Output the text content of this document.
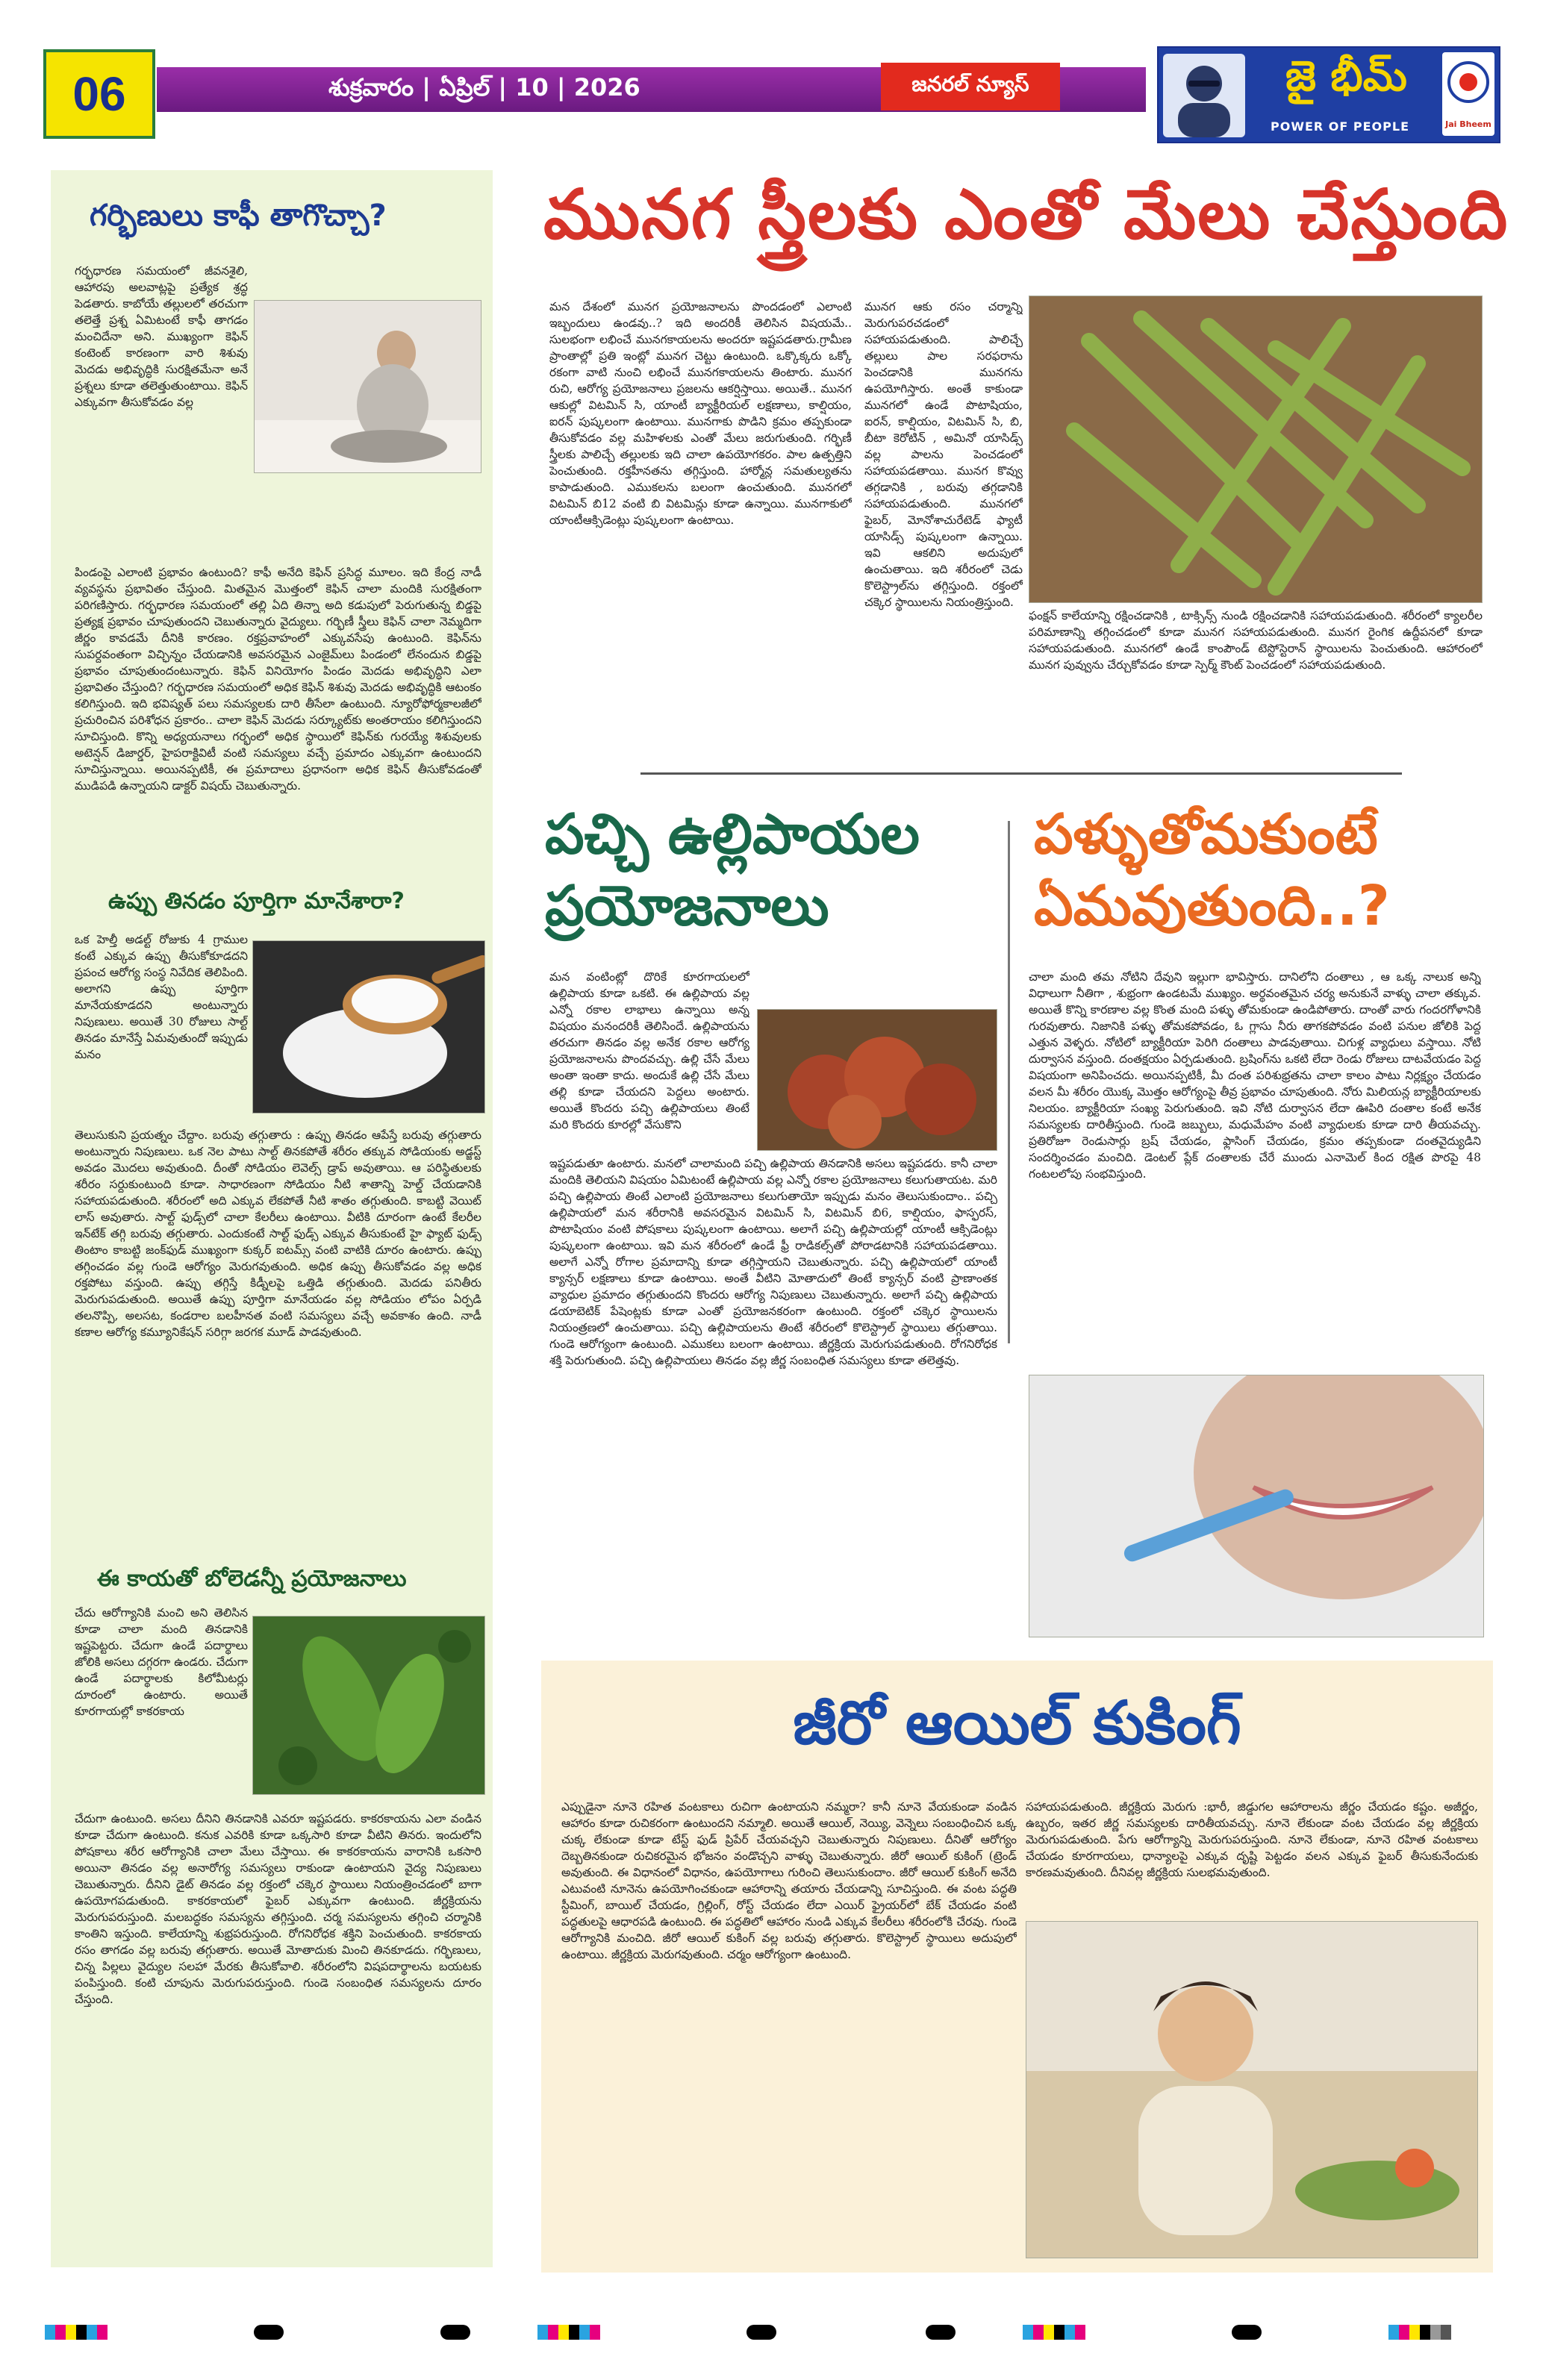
06	శుక్రవారం | ఏప్రిల్ | 10 | 2026	జనరల్ న్యూస్	జై భీమ్
POWER OF PEOPLE	Jai Bheem
గర్భిణులు కాఫీ తాగొచ్చా?
గర్భధారణ సమయంలో జీవనశైలి, ఆహారపు అలవాట్లపై ప్రత్యేక శ్రద్ధ పెడతారు. కాబోయే తల్లులలో తరచుగా తలెత్తే ప్రశ్న ఏమిటంటే కాఫీ తాగడం మంచిదేనా అని. ముఖ్యంగా కెఫిన్ కంటెంట్ కారణంగా వారి శిశువు మెదడు అభివృద్ధికి సురక్షితమేనా అనే ప్రశ్నలు కూడా తలెత్తుతుంటాయి. కెఫిన్ ఎక్కువగా తీసుకోవడం వల్ల
పిండంపై ఎలాంటి ప్రభావం ఉంటుంది? కాఫీ అనేది కెఫిన్ ప్రసిద్ధ మూలం. ఇది కేంద్ర నాడీ వ్యవస్థను ప్రభావితం చేస్తుంది. మితమైన మొత్తంలో కెఫిన్ చాలా మందికి సురక్షితంగా పరిగణిస్తారు. గర్భధారణ సమయంలో తల్లి ఏది తిన్నా అది కడుపులో పెరుగుతున్న బిడ్డపై ప్రత్యక్ష ప్రభావం చూపుతుందని చెబుతున్నారు వైద్యులు. గర్భిణీ స్త్రీలు కెఫిన్ చాలా నెమ్మదిగా జీర్ణం కావడమే దీనికి కారణం. రక్తప్రవాహంలో ఎక్కువసేపు ఉంటుంది. కెఫిన్‌ను సుపర్దవంతంగా విచ్ఛిన్నం చేయడానికి అవసరమైన ఎంజైమ్‌లు పిండంలో లేనందున బిడ్డపై ప్రభావం చూపుతుందంటున్నారు. కెఫిన్ వినియోగం పిండం మెదడు అభివృద్ధిని ఎలా ప్రభావితం చేస్తుంది? గర్భధారణ సమయంలో అధిక కెఫిన్ శిశువు మెదడు అభివృద్ధికి ఆటంకం కలిగిస్తుంది. ఇది భవిష్యత్ పలు సమస్యలకు దారి తీసేలా ఉంటుంది. న్యూరోఫోర్మకాలజీలో ప్రచురించిన పరిశోధన ప్రకారం.. చాలా కెఫిన్ మెదడు సర్క్యూట్‌కు అంతరాయం కలిగిస్తుందని సూచిస్తుంది. కొన్ని అధ్యయనాలు గర్భంలో అధిక స్థాయిలో కెఫిన్‌కు గురయ్యే శిశువులకు అటెన్షన్ డిజార్డర్, హైపరాక్టివిటీ వంటి సమస్యలు వచ్చే ప్రమాదం ఎక్కువగా ఉంటుందని సూచిస్తున్నాయి. అయినప్పటికీ, ఈ ప్రమాదాలు ప్రధానంగా అధిక కెఫిన్ తీసుకోవడంతో ముడిపడి ఉన్నాయని డాక్టర్ విషయ్ చెబుతున్నారు.
ఉప్పు తినడం పూర్తిగా మానేశారా?
ఒక హెల్తీ అడల్ట్ రోజుకు 4 గ్రాముల కంటే ఎక్కువ ఉప్పు తీసుకోకూడదని ప్రపంచ ఆరోగ్య సంస్థ నివేదిక తెలిపింది. అలాగని ఉప్పు పూర్తిగా మానేయకూడదని అంటున్నారు నిపుణులు. అయితే 30 రోజులు సాల్ట్ తినడం మానేస్తే ఏమవుతుందో ఇప్పుడు మనం
తెలుసుకుని ప్రయత్నం చేద్దాం. బరువు తగ్గుతారు : ఉప్పు తినడం ఆపేస్తే బరువు తగ్గుతారు అంటున్నారు నిపుణులు. ఒక నెల పాటు సాల్ట్ తినకపోతే శరీరం తక్కువ సోడియంకు అడ్జస్ట్ అవడం మొదలు అవుతుంది. దీంతో సోడియం లెవెల్స్ డ్రాప్ అవుతాయి. ఆ పరిస్థితులకు శరీరం సర్దుకుంటుంది కూడా. సాధారణంగా సోడియం నీటి శాతాన్ని హెల్డ్ చేయడానికి సహాయపడుతుంది. శరీరంలో అది ఎక్కువ లేకపోతే నీటి శాతం తగ్గుతుంది. కాబట్టి వెయిట్ లాస్ అవుతారు. సాల్ట్ ఫుడ్స్‌లో చాలా కేలరీలు ఉంటాయి. వీటికి దూరంగా ఉంటే కేలరీల ఇన్‌టేక్ తగ్గి బరువు తగ్గుతారు. ఎందుకంటే సాల్ట్ ఫుడ్స్ ఎక్కువ తీసుకుంటే హై ఫ్యాట్ ఫుడ్స్ తింటాం కాబట్టి జంక్‌ఫుడ్ ముఖ్యంగా కుక్కర్ ఐటమ్స్ వంటి వాటికి దూరం ఉంటారు. ఉప్పు తగ్గించడం వల్ల గుండె ఆరోగ్యం మెరుగవుతుంది. అధిక ఉప్పు తీసుకోవడం వల్ల అధిక రక్తపోటు వస్తుంది. ఉప్పు తగ్గిస్తే కిడ్నీలపై ఒత్తిడి తగ్గుతుంది. మెదడు పనితీరు మెరుగుపడుతుంది. అయితే ఉప్పు పూర్తిగా మానేయడం వల్ల సోడియం లోపం ఏర్పడి తలనొప్పి, అలసట, కండరాల బలహీనత వంటి సమస్యలు వచ్చే అవకాశం ఉంది. నాడీ కణాల ఆరోగ్య కమ్యూనికేషన్ సరిగ్గా జరగక మూడ్ పాడవుతుంది.
ఈ కాయతో బోలెడన్నీ ప్రయోజనాలు
చేదు ఆరోగ్యానికి మంచి అని తెలిసిన కూడా చాలా మంది తినడానికి ఇష్టపెట్టరు. చేదుగా ఉండే పదార్థాలు జోలికి అసలు దగ్గరగా ఉండరు. చేదుగా ఉండే పదార్థాలకు కిలోమీటర్లు దూరంలో ఉంటారు. అయితే కూరగాయల్లో కాకరకాయ
చేదుగా ఉంటుంది. అసలు దీనిని తినడానికి ఎవరూ ఇష్టపడరు. కాకరకాయను ఎలా వండిన కూడా చేదుగా ఉంటుంది. కనుక ఎవరికి కూడా ఒక్కసారి కూడా వీటిని తినరు. ఇందులోని పోషకాలు శరీర ఆరోగ్యానికి చాలా మేలు చేస్తాయి. ఈ కాకరకాయను వారానికి ఒకసారి అయినా తినడం వల్ల అనారోగ్య సమస్యలు రాకుండా ఉంటాయని వైద్య నిపుణులు చెబుతున్నారు. దీనిని డైట్ తినడం వల్ల రక్తంలో చక్కెర స్థాయిలు నియంత్రించడంలో బాగా ఉపయోగపడుతుంది. కాకరకాయలో ఫైబర్ ఎక్కువగా ఉంటుంది. జీర్ణక్రియను మెరుగుపరుస్తుంది. మలబద్ధకం సమస్యను తగ్గిస్తుంది. చర్మ సమస్యలను తగ్గించి చర్మానికి కాంతిని ఇస్తుంది. కాలేయాన్ని శుభ్రపరుస్తుంది. రోగనిరోధక శక్తిని పెంచుతుంది. కాకరకాయ రసం తాగడం వల్ల బరువు తగ్గుతారు. అయితే మోతాదుకు మించి తినకూడదు. గర్భిణులు, చిన్న పిల్లలు వైద్యుల సలహా మేరకు తీసుకోవాలి. శరీరంలోని విషపదార్థాలను బయటకు పంపిస్తుంది. కంటి చూపును మెరుగుపరుస్తుంది. గుండె సంబంధిత సమస్యలను దూరం చేస్తుంది.
మునగ స్త్రీలకు ఎంతో మేలు చేస్తుంది
మన దేశంలో మునగ ప్రయోజనాలను పొందడంలో ఎలాంటి ఇబ్బందులు ఉండవు..? ఇది అందరికీ తెలిసిన విషయమే.. సులభంగా లభించే మునగకాయలను అందరూ ఇష్టపడతారు.గ్రామీణ ప్రాంతాల్లో ప్రతి ఇంట్లో మునగ చెట్టు ఉంటుంది. ఒక్కొక్కరు ఒక్కో రకంగా వాటి నుంచి లభించే మునగకాయలను తింటారు. మునగ రుచి, ఆరోగ్య ప్రయోజనాలు ప్రజలను ఆకర్షిస్తాయి. అయితే.. మునగ ఆకుల్లో విటమిన్ సి, యాంటీ బ్యాక్టీరియల్ లక్షణాలు, కాల్షియం, ఐరన్ పుష్కలంగా ఉంటాయి. మునగాకు పొడిని క్రమం తప్పకుండా తీసుకోవడం వల్ల మహిళలకు ఎంతో మేలు జరుగుతుంది. గర్భిణీ స్త్రీలకు పాలిచ్చే తల్లులకు ఇది చాలా ఉపయోగకరం. పాల ఉత్పత్తిని పెంచుతుంది. రక్తహీనతను తగ్గిస్తుంది. హార్మోన్ల సమతుల్యతను కాపాడుతుంది. ఎముకలను బలంగా ఉంచుతుంది. మునగలో విటమిన్ బి12 వంటి బి విటమిన్లు కూడా ఉన్నాయి. మునగాకులో యాంటీఆక్సిడెంట్లు పుష్కలంగా ఉంటాయి.
మునగ ఆకు రసం చర్మాన్ని మెరుగుపరచడంలో సహాయపడుతుంది. పాలిచ్చే తల్లులు పాల సరఫరాను పెంచడానికి మునగను ఉపయోగిస్తారు. అంతే కాకుండా మునగలో ఉండే పొటాషియం, ఐరన్, కాల్షియం, విటమిన్ సి, బి, బీటా కెరోటిన్ , అమినో యాసిడ్స్ వల్ల పాలను పెంచడంలో సహాయపడతాయి. మునగ కొవ్వు తగ్గడానికి , బరువు తగ్గడానికి సహాయపడుతుంది. మునగలో ఫైబర్, మోనోశాచురేటెడ్ ఫ్యాటీ యాసిడ్స్ పుష్కలంగా ఉన్నాయి. ఇవి ఆకలిని అదుపులో ఉంచుతాయి. ఇది శరీరంలో చెడు కొలెస్ట్రాల్‌ను తగ్గిస్తుంది. రక్తంలో చక్కెర స్థాయిలను నియంత్రిస్తుంది.
ఫంక్షన్ కాలేయాన్ని రక్షించడానికి , టాక్సిన్స్ నుండి రక్షించడానికి సహాయపడుతుంది. శరీరంలో క్యాలరీల పరిమాణాన్ని తగ్గించడంలో కూడా మునగ సహాయపడుతుంది. మునగ రైంగిక ఉద్దీపనలో కూడా సహాయపడుతుంది. మునగలో ఉండే కాంపౌండ్ టెస్టోస్టెరాన్ స్థాయిలను పెంచుతుంది. ఆహారంలో మునగ పువ్వును చేర్చుకోవడం కూడా స్పెర్మ్ కౌంట్ పెంచడంలో సహాయపడుతుంది.
పచ్చి ఉల్లిపాయల ప్రయోజనాలు
మన వంటింట్లో దొరికే కూరగాయలలో ఉల్లిపాయ కూడా ఒకటి. ఈ ఉల్లిపాయ వల్ల ఎన్నో రకాల లాభాలు ఉన్నాయి అన్న విషయం మనందరికీ తెలిసిందే. ఉల్లిపాయను తరచుగా తినడం వల్ల అనేక రకాల ఆరోగ్య ప్రయోజనాలను పొందవచ్చు. ఉల్లి చేసే మేలు అంతా ఇంతా కాదు. అందుకే ఉల్లి చేసే మేలు తల్లి కూడా చేయదని పెద్దలు అంటారు. అయితే కొందరు పచ్చి ఉల్లిపాయలు తింటే మరి కొందరు కూరల్లో వేసుకొని
ఇష్టపడుతూ ఉంటారు. మనలో చాలామంది పచ్చి ఉల్లిపాయ తినడానికి అసలు ఇష్టపడరు. కానీ చాలా మందికి తెలియని విషయం ఏమిటంటే ఉల్లిపాయ వల్ల ఎన్నో రకాల ప్రయోజనాలు కలుగుతాయట. మరి పచ్చి ఉల్లిపాయ తింటే ఎలాంటి ప్రయోజనాలు కలుగుతాయో ఇప్పుడు మనం తెలుసుకుందాం.. పచ్చి ఉల్లిపాయలో మన శరీరానికి అవసరమైన విటమిన్ సి, విటమిన్ బి6, కాల్షియం, ఫాస్ఫరస్, పొటాషియం వంటి పోషకాలు పుష్కలంగా ఉంటాయి. అలాగే పచ్చి ఉల్లిపాయల్లో యాంటీ ఆక్సిడెంట్లు పుష్కలంగా ఉంటాయి. ఇవి మన శరీరంలో ఉండే ఫ్రీ రాడికల్స్‌తో పోరాడటానికి సహాయపడతాయి. అలాగే ఎన్నో రోగాల ప్రమాదాన్ని కూడా తగ్గిస్తాయని చెబుతున్నారు. పచ్చి ఉల్లిపాయలో యాంటీ క్యాన్సర్ లక్షణాలు కూడా ఉంటాయి. అంతే వీటిని మోతాదులో తింటే క్యాన్సర్ వంటి ప్రాణాంతక వ్యాధుల ప్రమాదం తగ్గుతుందని కొందరు ఆరోగ్య నిపుణులు చెబుతున్నారు. అలాగే పచ్చి ఉల్లిపాయ డయాబెటిక్ పేషెంట్లకు కూడా ఎంతో ప్రయోజనకరంగా ఉంటుంది. రక్తంలో చక్కెర స్థాయిలను నియంత్రణలో ఉంచుతాయి. పచ్చి ఉల్లిపాయలను తింటే శరీరంలో కొలెస్ట్రాల్ స్థాయిలు తగ్గుతాయి. గుండె ఆరోగ్యంగా ఉంటుంది. ఎముకలు బలంగా ఉంటాయి. జీర్ణక్రియ మెరుగుపడుతుంది. రోగనిరోధక శక్తి పెరుగుతుంది. పచ్చి ఉల్లిపాయలు తినడం వల్ల జీర్ణ సంబంధిత సమస్యలు కూడా తలెత్తవు.
పళ్ళుతోమకుంటే ఏమవుతుంది..?
చాలా మంది తమ నోటిని దేవుని ఇల్లుగా భావిస్తారు. దానిలోని దంతాలు , ఆ ఒక్క నాలుక అన్ని విధాలుగా నీతిగా , శుభ్రంగా ఉండటమే ముఖ్యం. అర్థవంతమైన చర్య అనుకునే వాళ్ళు చాలా తక్కువ. అయితే కొన్ని కారణాల వల్ల కొంత మంది పళ్ళు తోమకుండా ఉండిపోతారు. దాంతో వారు గందరగోళానికి గురవుతారు. నిజానికి పళ్ళు తోమకపోవడం, ఓ గ్లాసు నీరు తాగకపోవడం వంటి పనుల జోలికి పెద్ద ఎత్తున వెళ్ళరు. నోటిలో బ్యాక్టీరియా పెరిగి దంతాలు పాడవుతాయి. చిగుళ్ల వ్యాధులు వస్తాయి. నోటి దుర్వాసన వస్తుంది. దంతక్షయం ఏర్పడుతుంది. బ్రషింగ్‌ను ఒకటి లేదా రెండు రోజులు దాటవేయడం పెద్ద విషయంగా అనిపించదు. అయినప్పటికీ, మీ దంత పరిశుభ్రతను చాలా కాలం పాటు నిర్లక్ష్యం చేయడం వలన మీ శరీరం యొక్క మొత్తం ఆరోగ్యంపై తీవ్ర ప్రభావం చూపుతుంది. నోరు మిలియన్ల బ్యాక్టీరియాలకు నిలయం. బ్యాక్టీరియా సంఖ్య పెరుగుతుంది. ఇవి నోటి దుర్వాసన లేదా ఊపిరి దంతాల కంటే అనేక సమస్యలకు దారితీస్తుంది. గుండె జబ్బులు, మధుమేహం వంటి వ్యాధులకు కూడా దారి తీయవచ్చు. ప్రతిరోజూ రెండుసార్లు బ్రష్ చేయడం, ఫ్లాసింగ్ చేయడం, క్రమం తప్పకుండా దంతవైద్యుడిని సందర్శించడం మంచిది. డెంటల్ ప్లేక్ దంతాలకు చేరే ముందు ఎనామెల్ కింద రక్షిత పొరపై 48 గంటలలోపు సంభవిస్తుంది.
జీరో ఆయిల్ కుకింగ్
ఎప్పుడైనా నూనె రహిత వంటకాలు రుచిగా ఉంటాయని నమ్మరా? కానీ నూనె వేయకుండా వండిన ఆహారం కూడా రుచికరంగా ఉంటుందని నమ్మాలి. అయితే ఆయిల్, నెయ్యి, వెన్నెలు సంబంధించిన ఒక్క చుక్క లేకుండా కూడా టేస్ట్ ఫుడ్ ప్రిపేర్ చేయవచ్చని చెబుతున్నారు నిపుణులు. దీనితో ఆరోగ్యం దెబ్బతినకుండా రుచికరమైన భోజనం వండొచ్చని వాళ్ళు చెబుతున్నారు. జీరో ఆయిల్ కుకింగ్ (ట్రెండ్ అవుతుంది. ఈ విధానంలో విధానం, ఉపయోగాలు గురించి తెలుసుకుందాం. జీరో ఆయిల్ కుకింగ్ అనేది ఎటువంటి నూనెను ఉపయోగించకుండా ఆహారాన్ని తయారు చేయడాన్ని సూచిస్తుంది. ఈ వంట పద్ధతి స్టీమింగ్, బాయిల్ చేయడం, గ్రిల్లింగ్, రోస్ట్ చేయడం లేదా ఎయిర్ ఫ్రైయర్‌లో బేక్ చేయడం వంటి పద్ధతులపై ఆధారపడి ఉంటుంది. ఈ పద్ధతిలో ఆహారం నుండి ఎక్కువ కేలరీలు శరీరంలోకి చేరవు. గుండె ఆరోగ్యానికి మంచిది. జీరో ఆయిల్ కుకింగ్ వల్ల బరువు తగ్గుతారు. కొలెస్ట్రాల్ స్థాయిలు అదుపులో ఉంటాయి. జీర్ణక్రియ మెరుగవుతుంది. చర్మం ఆరోగ్యంగా ఉంటుంది.
సహాయపడుతుంది. జీర్ణక్రియ మెరుగు :భారీ, జిడ్డుగల ఆహారాలను జీర్ణం చేయడం కష్టం. అజీర్ణం, ఉబ్బరం, ఇతర జీర్ణ సమస్యలకు దారితీయవచ్చు. నూనె లేకుండా వంట చేయడం వల్ల జీర్ణక్రియ మెరుగుపడుతుంది. పేగు ఆరోగ్యాన్ని మెరుగుపరుస్తుంది. నూనె లేకుండా, నూనె రహిత వంటకాలు చేయడం కూరగాయలు, ధాన్యాలపై ఎక్కువ దృష్టి పెట్టడం వలన ఎక్కువ ఫైబర్ తీసుకునేందుకు కారణమవుతుంది. దీనివల్ల జీర్ణక్రియ సులభమవుతుంది.
